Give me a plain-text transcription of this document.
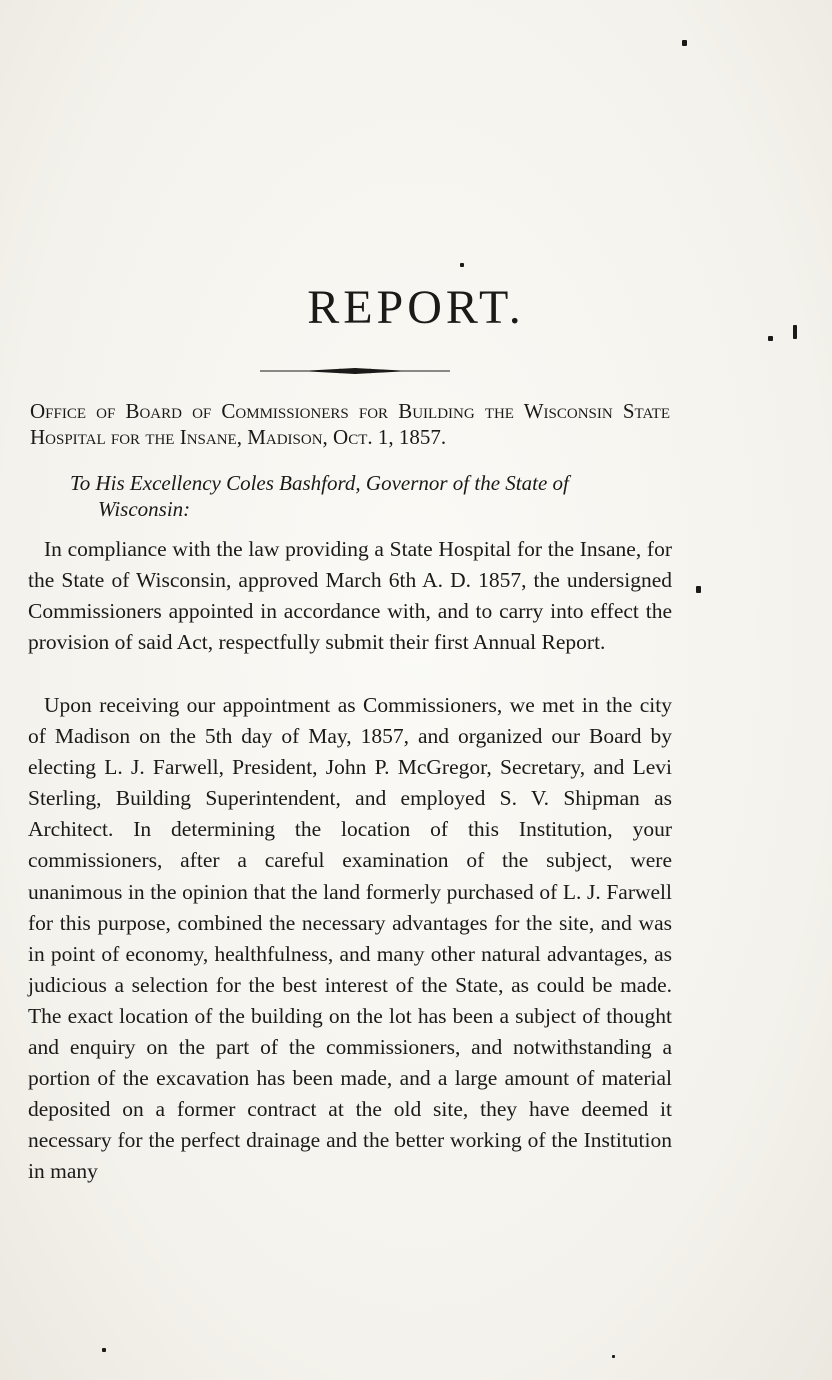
REPORT.

Office of Board of Commissioners for Building the Wisconsin State Hospital for the Insane, Madison, Oct. 1, 1857.

To His Excellency Coles Bashford, Governor of the State of
Wisconsin:

In compliance with the law providing a State Hospital for the Insane, for the State of Wisconsin, approved March 6th A. D. 1857, the undersigned Commissioners appointed in accordance with, and to carry into effect the provision of said Act, respectfully submit their first Annual Report.

Upon receiving our appointment as Commissioners, we met in the city of Madison on the 5th day of May, 1857, and organized our Board by electing L. J. Farwell, President, John P. McGregor, Secretary, and Levi Sterling, Building Superintendent, and employed S. V. Shipman as Architect. In determining the location of this Institution, your commissioners, after a careful examination of the subject, were unanimous in the opinion that the land formerly purchased of L. J. Farwell for this purpose, combined the necessary advantages for the site, and was in point of economy, healthfulness, and many other natural advantages, as judicious a selection for the best interest of the State, as could be made. The exact location of the building on the lot has been a subject of thought and enquiry on the part of the commissioners, and notwithstanding a portion of the excavation has been made, and a large amount of material deposited on a former contract at the old site, they have deemed it necessary for the perfect drainage and the better working of the Institution in many
